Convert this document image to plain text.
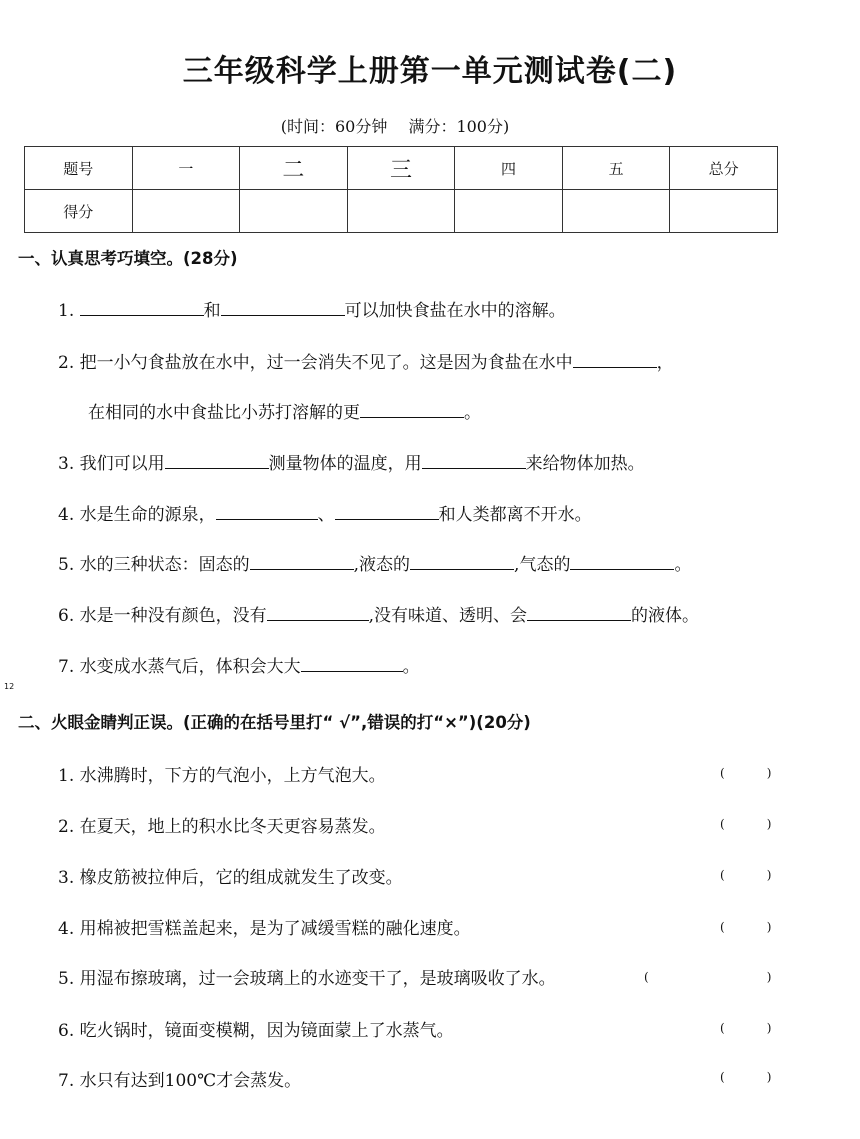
三年级科学上册第一单元测试卷(二)
(时间：60分钟　 满分：100分)
题号	一	二	三	四	五	总分
得分						
一、认真思考巧填空。(28分)
1.	和	可以加快食盐在水中的溶解。
2. 把一小勺食盐放在水中，过一会消失不见了。这是因为食盐在水中	，
在相同的水中食盐比小苏打溶解的更	。
3. 我们可以用	测量物体的温度，用	来给物体加热。
4. 水是生命的源泉，	、	和人类都离不开水。
5. 水的三种状态：固态的	,液态的	,气态的	。
6. 水是一种没有颜色，没有	,没有味道、透明、会	的液体。
7. 水变成水蒸气后，体积会大大	。
12
二、火眼金睛判正误。(正确的在括号里打“ √”,错误的打“×”)(20分)
1. 水沸腾时，下方的气泡小，上方气泡大。	(	)
2. 在夏天，地上的积水比冬天更容易蒸发。	(	)
3. 橡皮筋被拉伸后，它的组成就发生了改变。	(	)
4. 用棉被把雪糕盖起来，是为了减缓雪糕的融化速度。	(	)
5. 用湿布擦玻璃，过一会玻璃上的水迹变干了，是玻璃吸收了水。	(	)
6. 吃火锅时，镜面变模糊，因为镜面蒙上了水蒸气。	(	)
7. 水只有达到100℃才会蒸发。	(	)
